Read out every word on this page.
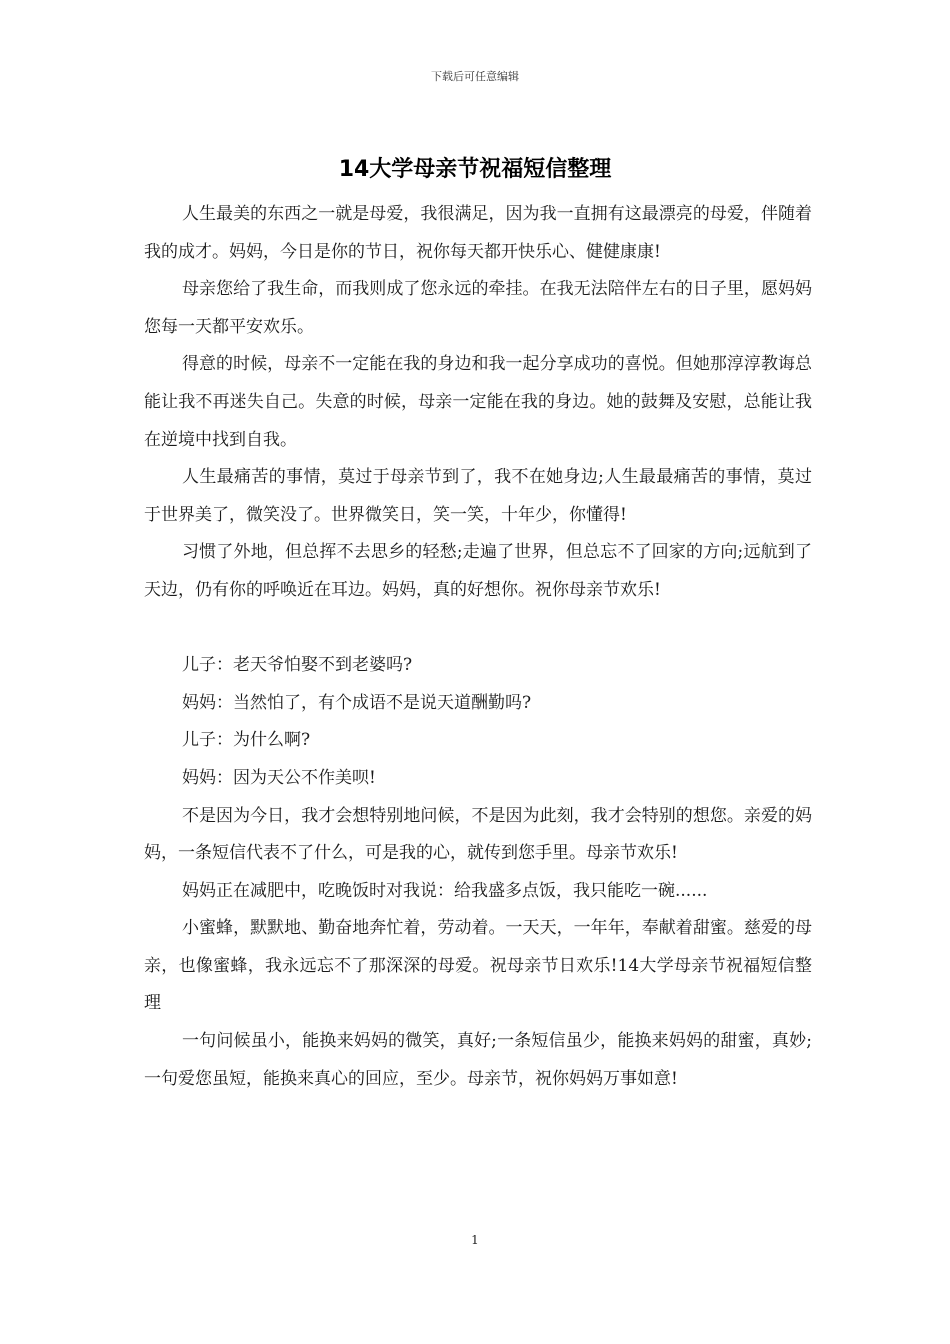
下载后可任意编辑
14大学母亲节祝福短信整理

人生最美的东西之一就是母爱，我很满足，因为我一直拥有这最漂亮的母爱，伴随着我的成才。妈妈，今日是你的节日，祝你每天都开快乐心、健健康康!

母亲您给了我生命，而我则成了您永远的牵挂。在我无法陪伴左右的日子里，愿妈妈您每一天都平安欢乐。

得意的时候，母亲不一定能在我的身边和我一起分享成功的喜悦。但她那淳淳教诲总能让我不再迷失自己。失意的时候，母亲一定能在我的身边。她的鼓舞及安慰，总能让我在逆境中找到自我。

人生最痛苦的事情，莫过于母亲节到了，我不在她身边;人生最最痛苦的事情，莫过于世界美了，微笑没了。世界微笑日，笑一笑，十年少，你懂得!

习惯了外地，但总挥不去思乡的轻愁;走遍了世界，但总忘不了回家的方向;远航到了天边，仍有你的呼唤近在耳边。妈妈，真的好想你。祝你母亲节欢乐!

儿子：老天爷怕娶不到老婆吗?

妈妈：当然怕了，有个成语不是说天道酬勤吗?

儿子：为什么啊?

妈妈：因为天公不作美呗!

不是因为今日，我才会想特别地问候，不是因为此刻，我才会特别的想您。亲爱的妈妈，一条短信代表不了什么，可是我的心，就传到您手里。母亲节欢乐!

妈妈正在减肥中，吃晚饭时对我说：给我盛多点饭，我只能吃一碗......

小蜜蜂，默默地、勤奋地奔忙着，劳动着。一天天，一年年，奉献着甜蜜。慈爱的母亲，也像蜜蜂，我永远忘不了那深深的母爱。祝母亲节日欢乐!14大学母亲节祝福短信整理

一句问候虽小，能换来妈妈的微笑，真好;一条短信虽少，能换来妈妈的甜蜜，真妙;一句爱您虽短，能换来真心的回应，至少。母亲节，祝你妈妈万事如意!

1
